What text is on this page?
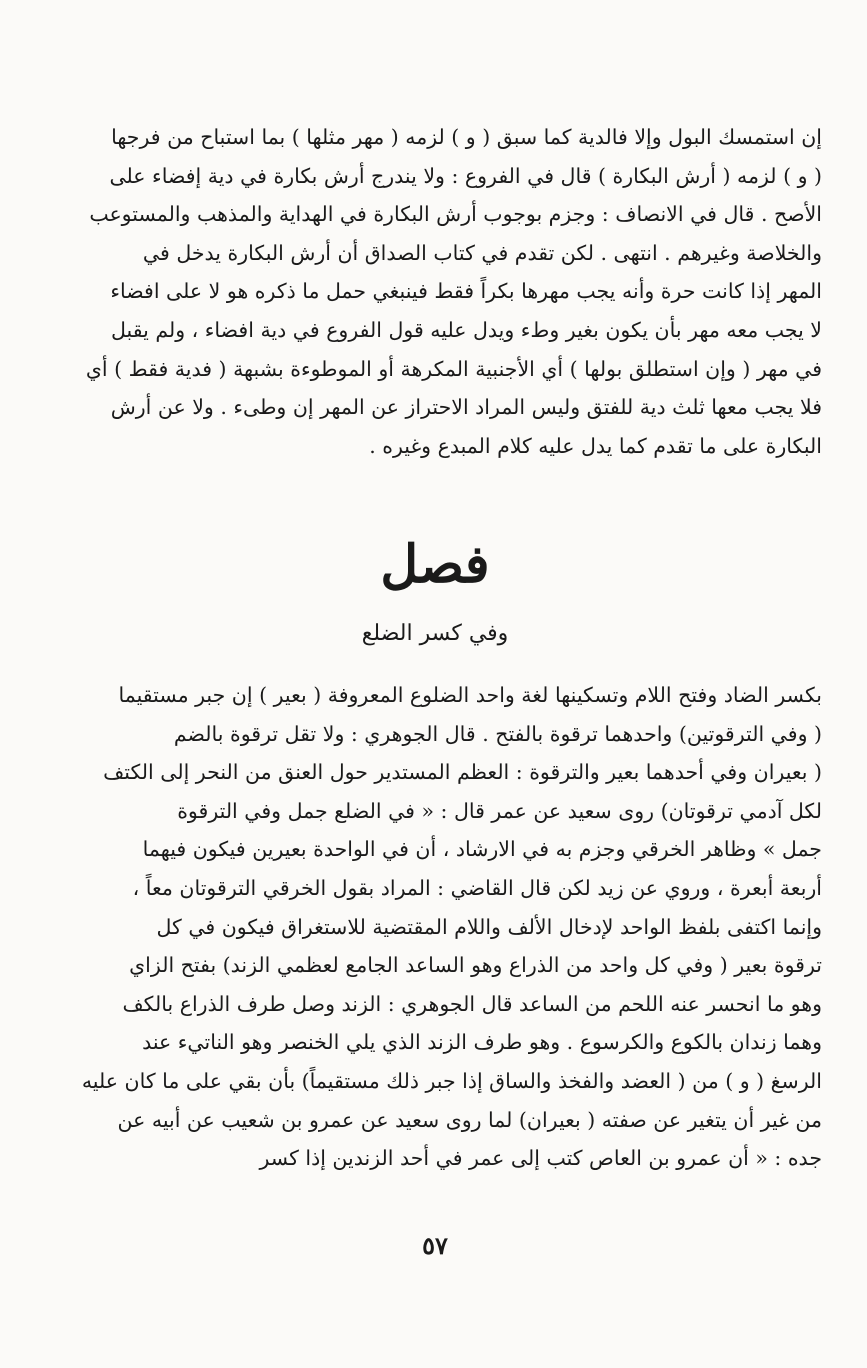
إن استمسك البول وإلا فالدية كما سبق ( و ) لزمه ( مهر مثلها ) بما استباح من فرجها
( و ) لزمه ( أرش البكارة ) قال في الفروع : ولا يندرج أرش بكارة في دية إفضاء على
الأصح . قال في الانصاف : وجزم بوجوب أرش البكارة في الهداية والمذهب والمستوعب
والخلاصة وغيرهم . انتهى . لكن تقدم في كتاب الصداق أن أرش البكارة يدخل في
المهر إذا كانت حرة وأنه يجب مهرها بكراً فقط فينبغي حمل ما ذكره هو لا على افضاء
لا يجب معه مهر بأن يكون بغير وطء ويدل عليه قول الفروع في دية افضاء ، ولم يقبل
في مهر ( وإن استطلق بولها ) أي الأجنبية المكرهة أو الموطوءة بشبهة ( فدية فقط ) أي
فلا يجب معها ثلث دية للفتق وليس المراد الاحتراز عن المهر إن وطىء . ولا عن أرش
البكارة على ما تقدم كما يدل عليه كلام المبدع وغيره .
فصل
وفي كسر الضلع
بكسر الضاد وفتح اللام وتسكينها لغة واحد الضلوع المعروفة ( بعير ) إن جبر مستقيما
( وفي الترقوتين) واحدهما ترقوة بالفتح . قال الجوهري : ولا تقل ترقوة بالضم
( بعيران وفي أحدهما بعير والترقوة : العظم المستدير حول العنق من النحر إلى الكتف
لكل آدمي ترقوتان) روى سعيد عن عمر قال : « في الضلع جمل وفي الترقوة
جمل » وظاهر الخرقي وجزم به في الارشاد ، أن في الواحدة بعيرين فيكون فيهما
أربعة أبعرة ، وروي عن زيد لكن قال القاضي : المراد بقول الخرقي الترقوتان معاً ،
وإنما اكتفى بلفظ الواحد لإدخال الألف واللام المقتضية للاستغراق فيكون في كل
ترقوة بعير ( وفي كل واحد من الذراع وهو الساعد الجامع لعظمي الزند) بفتح الزاي
وهو ما انحسر عنه اللحم من الساعد قال الجوهري : الزند وصل طرف الذراع بالكف
وهما زندان بالكوع والكرسوع . وهو طرف الزند الذي يلي الخنصر وهو الناتيء عند
الرسغ ( و ) من ( العضد والفخذ والساق إذا جبر ذلك مستقيماً) بأن بقي على ما كان عليه
من غير أن يتغير عن صفته ( بعيران) لما روى سعيد عن عمرو بن شعيب عن أبيه عن
جده : « أن عمرو بن العاص كتب إلى عمر في أحد الزندين إذا كسر
٥٧
